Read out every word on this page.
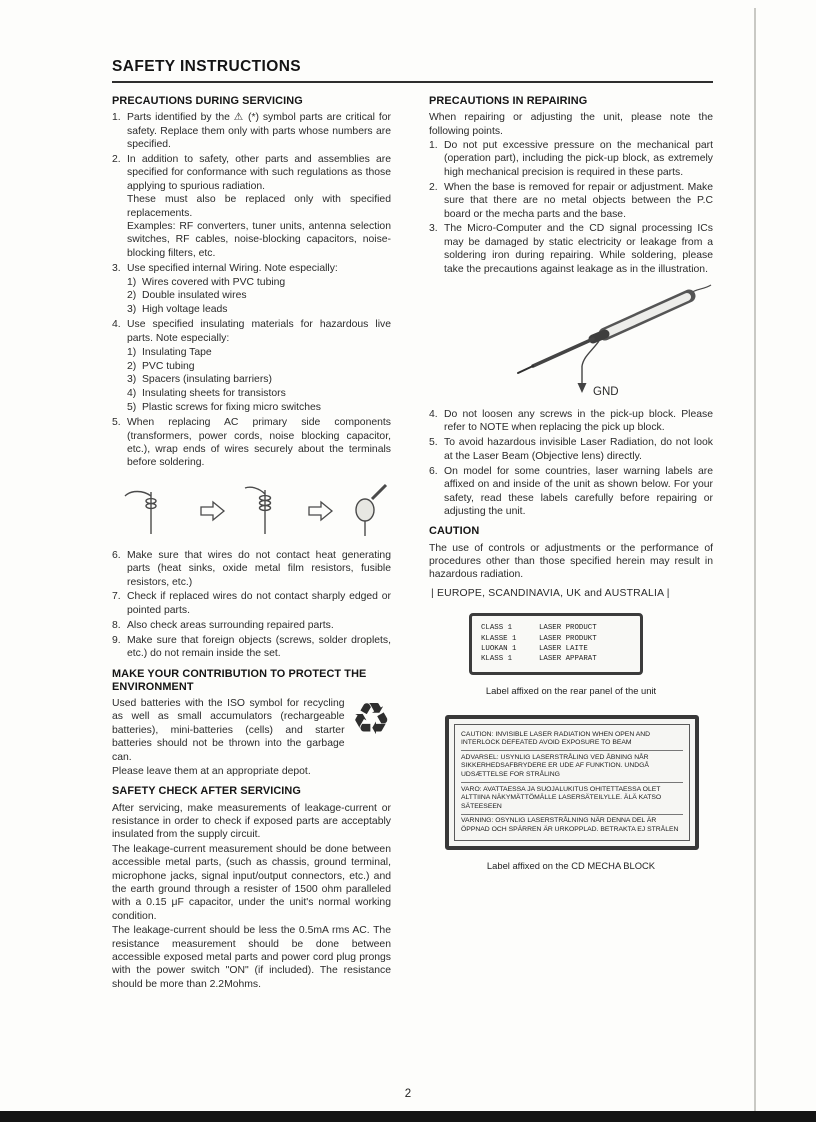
SAFETY INSTRUCTIONS
PRECAUTIONS DURING SERVICING
1. Parts identified by the ⚠ (*) symbol parts are critical for safety. Replace them only with parts whose numbers are specified.
2. In addition to safety, other parts and assemblies are specified for conformance with such regulations as those applying to spurious radiation.
These must also be replaced only with specified replacements.
Examples: RF converters, tuner units, antenna selection switches, RF cables, noise-blocking capacitors, noise-blocking filters, etc.
3. Use specified internal Wiring. Note especially:
1) Wires covered with PVC tubing
2) Double insulated wires
3) High voltage leads
4. Use specified insulating materials for hazardous live parts. Note especially:
1) Insulating Tape
2) PVC tubing
3) Spacers (insulating barriers)
4) Insulating sheets for transistors
5) Plastic screws for fixing micro switches
5. When replacing AC primary side components (transformers, power cords, noise blocking capacitor, etc.), wrap ends of wires securely about the terminals before soldering.
6. Make sure that wires do not contact heat generating parts (heat sinks, oxide metal film resistors, fusible resistors, etc.)
7. Check if replaced wires do not contact sharply edged or pointed parts.
8. Also check areas surrounding repaired parts.
9. Make sure that foreign objects (screws, solder droplets, etc.) do not remain inside the set.
MAKE YOUR CONTRIBUTION TO PROTECT THE ENVIRONMENT
♻
Used batteries with the ISO symbol for recycling as well as small accumulators (rechargeable batteries), mini-batteries (cells) and starter batteries should not be thrown into the garbage can.
Please leave them at an appropriate depot.
SAFETY CHECK AFTER SERVICING
After servicing, make measurements of leakage-current or resistance in order to check if exposed parts are acceptably insulated from the supply circuit.
The leakage-current measurement should be done between accessible metal parts, (such as chassis, ground terminal, microphone jacks, signal input/output connectors, etc.) and the earth ground through a resister of 1500 ohm paralleled with a 0.15 μF capacitor, under the unit's normal working condition.
The leakage-current should be less the 0.5mA rms AC. The resistance measurement should be done between accessible exposed metal parts and power cord plug prongs with the power switch "ON" (if included). The resistance should be more than 2.2Mohms.
PRECAUTIONS IN REPAIRING
When repairing or adjusting the unit, please note the following points.
1. Do not put excessive pressure on the mechanical part (operation part), including the pick-up block, as extremely high mechanical precision is required in these parts.
2. When the base is removed for repair or adjustment. Make sure that there are no metal objects between the P.C board or the mecha parts and the base.
3. The Micro-Computer and the CD signal processing ICs may be damaged by static electricity or leakage from a soldering iron during repairing. While soldering, please take the precautions against leakage as in the illustration.
GND
4. Do not loosen any screws in the pick-up block. Please refer to NOTE when replacing the pick up block.
5. To avoid hazardous invisible Laser Radiation, do not look at the Laser Beam (Objective lens) directly.
6. On model for some countries, laser warning labels are affixed on and inside of the unit as shown below. For your safety, read these labels carefully before repairing or adjusting the unit.
CAUTION
The use of controls or adjustments or the performance of procedures other than those specified herein may result in hazardous radiation.
| EUROPE, SCANDINAVIA, UK and AUSTRALIA |
CLASS 1	LASER PRODUCT
KLASSE 1	LASER PRODUKT
LUOKAN 1	LASER LAITE
KLASS 1	LASER APPARAT
Label affixed on the rear panel of the unit
CAUTION: INVISIBLE LASER RADIATION WHEN OPEN AND INTERLOCK DEFEATED AVOID EXPOSURE TO BEAM
ADVARSEL: USYNLIG LASERSTRÅLING VED ÅBNING NÅR SIKKERHEDSAFBRYDERE ER UDE AF FUNKTION. UNDGÅ UDSÆTTELSE FOR STRÅLING
VARO: AVATTAESSA JA SUOJALUKITUS OHITETTAESSA OLET ALTTIINA NÄKYMÄTTÖMÄLLE LASERSÄTEILYLLE. ÄLÄ KATSO SÄTEESEEN
VARNING: OSYNLIG LASERSTRÅLNING NÄR DENNA DEL ÄR ÖPPNAD OCH SPÄRREN ÄR URKOPPLAD. BETRAKTA EJ STRÅLEN
Label affixed on the CD MECHA BLOCK
2
